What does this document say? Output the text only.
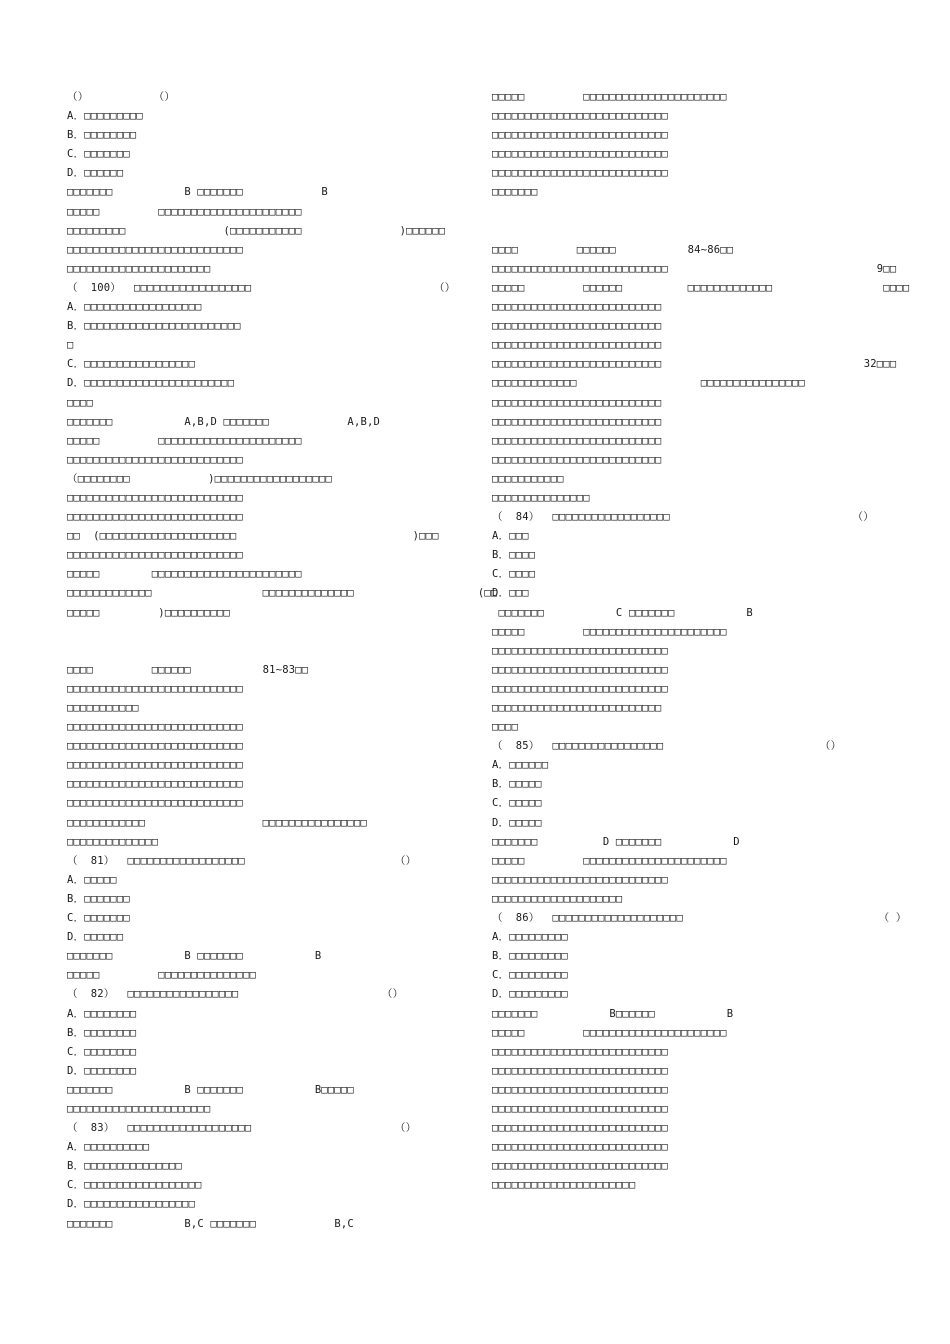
（）          （）
A．□□□□□□□□□
B．□□□□□□□□
C．□□□□□□□
D．□□□□□□
□□□□□□□           B □□□□□□□            B
□□□□□         □□□□□□□□□□□□□□□□□□□□□□
□□□□□□□□□               (□□□□□□□□□□□               )□□□□□□
□□□□□□□□□□□□□□□□□□□□□□□□□□□
□□□□□□□□□□□□□□□□□□□□□□
（  100）  □□□□□□□□□□□□□□□□□□                            （）
A．□□□□□□□□□□□□□□□□□□
B．□□□□□□□□□□□□□□□□□□□□□□□□
□
C．□□□□□□□□□□□□□□□□□
D．□□□□□□□□□□□□□□□□□□□□□□□
□□□□
□□□□□□□           A,B,D □□□□□□□            A,B,D
□□□□□         □□□□□□□□□□□□□□□□□□□□□□
□□□□□□□□□□□□□□□□□□□□□□□□□□□
（□□□□□□□□            )□□□□□□□□□□□□□□□□□□
□□□□□□□□□□□□□□□□□□□□□□□□□□□
□□□□□□□□□□□□□□□□□□□□□□□□□□□
□□  (□□□□□□□□□□□□□□□□□□□□□                           )□□□
□□□□□□□□□□□□□□□□□□□□□□□□□□□
□□□□□        □□□□□□□□□□□□□□□□□□□□□□□
□□□□□□□□□□□□□                 □□□□□□□□□□□□□□                   (□□
□□□□□         )□□□□□□□□□□
□□□□         □□□□□□           81~83□□
□□□□□□□□□□□□□□□□□□□□□□□□□□□
□□□□□□□□□□□
□□□□□□□□□□□□□□□□□□□□□□□□□□□
□□□□□□□□□□□□□□□□□□□□□□□□□□□
□□□□□□□□□□□□□□□□□□□□□□□□□□□
□□□□□□□□□□□□□□□□□□□□□□□□□□□
□□□□□□□□□□□□□□□□□□□□□□□□□□□
□□□□□□□□□□□□                  □□□□□□□□□□□□□□□□
□□□□□□□□□□□□□□
（  81）  □□□□□□□□□□□□□□□□□□                       （）
A．□□□□□
B．□□□□□□□
C．□□□□□□□
D．□□□□□□
□□□□□□□           B □□□□□□□           B
□□□□□         □□□□□□□□□□□□□□□
（  82）  □□□□□□□□□□□□□□□□□                      （）
A．□□□□□□□□
B．□□□□□□□□
C．□□□□□□□□
D．□□□□□□□□
□□□□□□□           B □□□□□□□           B□□□□□
□□□□□□□□□□□□□□□□□□□□□□
（  83）  □□□□□□□□□□□□□□□□□□□                      （）
A．□□□□□□□□□□
B．□□□□□□□□□□□□□□□
C．□□□□□□□□□□□□□□□□□□
D．□□□□□□□□□□□□□□□□□
□□□□□□□           B,C □□□□□□□            B,C
□□□□□         □□□□□□□□□□□□□□□□□□□□□□
□□□□□□□□□□□□□□□□□□□□□□□□□□□
□□□□□□□□□□□□□□□□□□□□□□□□□□□
□□□□□□□□□□□□□□□□□□□□□□□□□□□
□□□□□□□□□□□□□□□□□□□□□□□□□□□
□□□□□□□
□□□□         □□□□□□           84~86□□
□□□□□□□□□□□□□□□□□□□□□□□□□□□                                9□□
□□□□□         □□□□□□          □□□□□□□□□□□□□                 □□□□
□□□□□□□□□□□□□□□□□□□□□□□□□□
□□□□□□□□□□□□□□□□□□□□□□□□□□
□□□□□□□□□□□□□□□□□□□□□□□□□□
□□□□□□□□□□□□□□□□□□□□□□□□□□                               32□□□
□□□□□□□□□□□□□                   □□□□□□□□□□□□□□□□
□□□□□□□□□□□□□□□□□□□□□□□□□□
□□□□□□□□□□□□□□□□□□□□□□□□□□
□□□□□□□□□□□□□□□□□□□□□□□□□□
□□□□□□□□□□□□□□□□□□□□□□□□□□
□□□□□□□□□□□
□□□□□□□□□□□□□□□
（  84）  □□□□□□□□□□□□□□□□□□                            （）
A．□□□
B．□□□□
C．□□□□
D．□□□
□□□□□□□           C □□□□□□□           B
□□□□□         □□□□□□□□□□□□□□□□□□□□□□
□□□□□□□□□□□□□□□□□□□□□□□□□□□
□□□□□□□□□□□□□□□□□□□□□□□□□□□
□□□□□□□□□□□□□□□□□□□□□□□□□□□
□□□□□□□□□□□□□□□□□□□□□□□□□□
□□□□
（  85）  □□□□□□□□□□□□□□□□□                        （）
A．□□□□□□
B．□□□□□
C．□□□□□
D．□□□□□
□□□□□□□          D □□□□□□□           D
□□□□□         □□□□□□□□□□□□□□□□□□□□□□
□□□□□□□□□□□□□□□□□□□□□□□□□□□
□□□□□□□□□□□□□□□□□□□□
（  86）  □□□□□□□□□□□□□□□□□□□□                              （ ）
A．□□□□□□□□□
B．□□□□□□□□□
C．□□□□□□□□□
D．□□□□□□□□□
□□□□□□□           B□□□□□□           B
□□□□□         □□□□□□□□□□□□□□□□□□□□□□
□□□□□□□□□□□□□□□□□□□□□□□□□□□
□□□□□□□□□□□□□□□□□□□□□□□□□□□
□□□□□□□□□□□□□□□□□□□□□□□□□□□
□□□□□□□□□□□□□□□□□□□□□□□□□□□
□□□□□□□□□□□□□□□□□□□□□□□□□□□
□□□□□□□□□□□□□□□□□□□□□□□□□□□
□□□□□□□□□□□□□□□□□□□□□□□□□□□
□□□□□□□□□□□□□□□□□□□□□□
